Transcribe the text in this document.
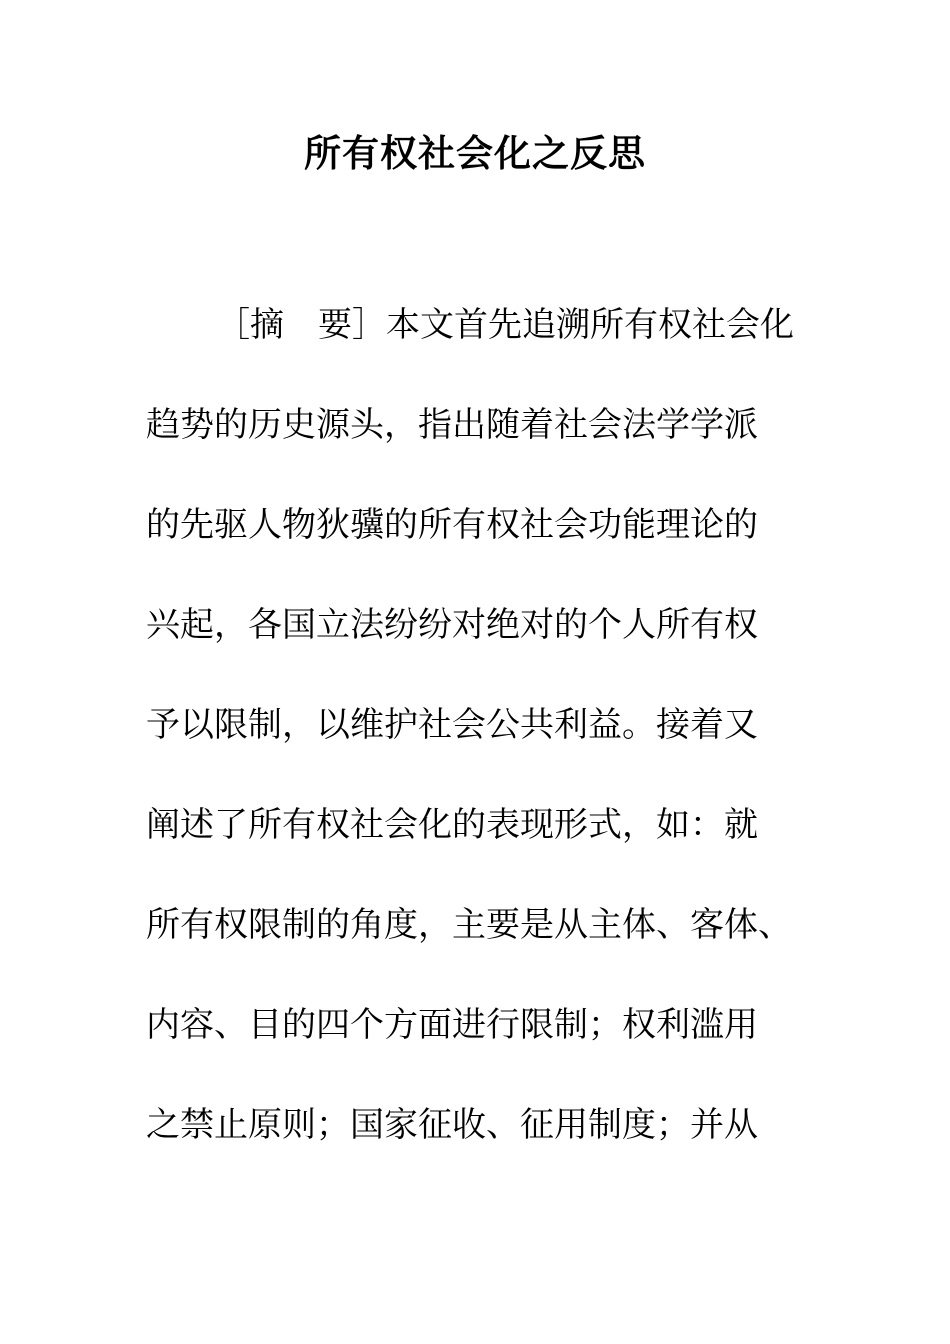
所有权社会化之反思

［摘　要］本文首先追溯所有权社会化

趋势的历史源头，指出随着社会法学学派

的先驱人物狄骥的所有权社会功能理论的

兴起，各国立法纷纷对绝对的个人所有权

予以限制，以维护社会公共利益。接着又

阐述了所有权社会化的表现形式，如：就

所有权限制的角度，主要是从主体、客体、

内容、目的四个方面进行限制；权利滥用

之禁止原则；国家征收、征用制度；并从
